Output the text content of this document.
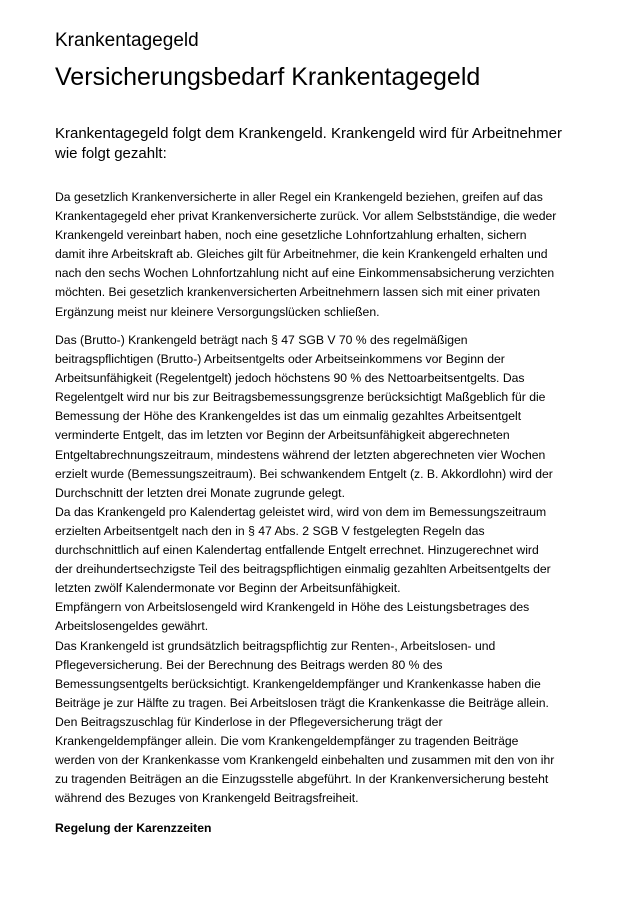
Krankentagegeld
Versicherungsbedarf Krankentagegeld
Krankentagegeld folgt dem Krankengeld. Krankengeld wird für Arbeitnehmer
wie folgt gezahlt:
Da gesetzlich Krankenversicherte in aller Regel ein Krankengeld beziehen, greifen auf das
Krankentagegeld eher privat Krankenversicherte zurück. Vor allem Selbstständige, die weder
Krankengeld vereinbart haben, noch eine gesetzliche Lohnfortzahlung erhalten, sichern
damit ihre Arbeitskraft ab. Gleiches gilt für Arbeitnehmer, die kein Krankengeld erhalten und
nach den sechs Wochen Lohnfortzahlung nicht auf eine Einkommensabsicherung verzichten
möchten. Bei gesetzlich krankenversicherten Arbeitnehmern lassen sich mit einer privaten
Ergänzung meist nur kleinere Versorgungslücken schließen.
Das (Brutto-) Krankengeld beträgt nach § 47 SGB V 70 % des regelmäßigen
beitragspflichtigen (Brutto-) Arbeitsentgelts oder Arbeitseinkommens vor Beginn der
Arbeitsunfähigkeit (Regelentgelt) jedoch höchstens 90 % des Nettoarbeitsentgelts. Das
Regelentgelt wird nur bis zur Beitragsbemessungsgrenze berücksichtigt Maßgeblich für die
Bemessung der Höhe des Krankengeldes ist das um einmalig gezahltes Arbeitsentgelt
verminderte Entgelt, das im letzten vor Beginn der Arbeitsunfähigkeit abgerechneten
Entgeltabrechnungszeitraum, mindestens während der letzten abgerechneten vier Wochen
erzielt wurde (Bemessungszeitraum). Bei schwankendem Entgelt (z. B. Akkordlohn) wird der
Durchschnitt der letzten drei Monate zugrunde gelegt.
Da das Krankengeld pro Kalendertag geleistet wird, wird von dem im Bemessungszeitraum
erzielten Arbeitsentgelt nach den in § 47 Abs. 2 SGB V festgelegten Regeln das
durchschnittlich auf einen Kalendertag entfallende Entgelt errechnet. Hinzugerechnet wird
der dreihundertsechzigste Teil des beitragspflichtigen einmalig gezahlten Arbeitsentgelts der
letzten zwölf Kalendermonate vor Beginn der Arbeitsunfähigkeit.
Empfängern von Arbeitslosengeld wird Krankengeld in Höhe des Leistungsbetrages des
Arbeitslosengeldes gewährt.
Das Krankengeld ist grundsätzlich beitragspflichtig zur Renten-, Arbeitslosen- und
Pflegeversicherung. Bei der Berechnung des Beitrags werden 80 % des
Bemessungsentgelts berücksichtigt. Krankengeldempfänger und Krankenkasse haben die
Beiträge je zur Hälfte zu tragen. Bei Arbeitslosen trägt die Krankenkasse die Beiträge allein.
Den Beitragszuschlag für Kinderlose in der Pflegeversicherung trägt der
Krankengeldempfänger allein. Die vom Krankengeldempfänger zu tragenden Beiträge
werden von der Krankenkasse vom Krankengeld einbehalten und zusammen mit den von ihr
zu tragenden Beiträgen an die Einzugsstelle abgeführt. In der Krankenversicherung besteht
während des Bezuges von Krankengeld Beitragsfreiheit.
Regelung der Karenzzeiten
